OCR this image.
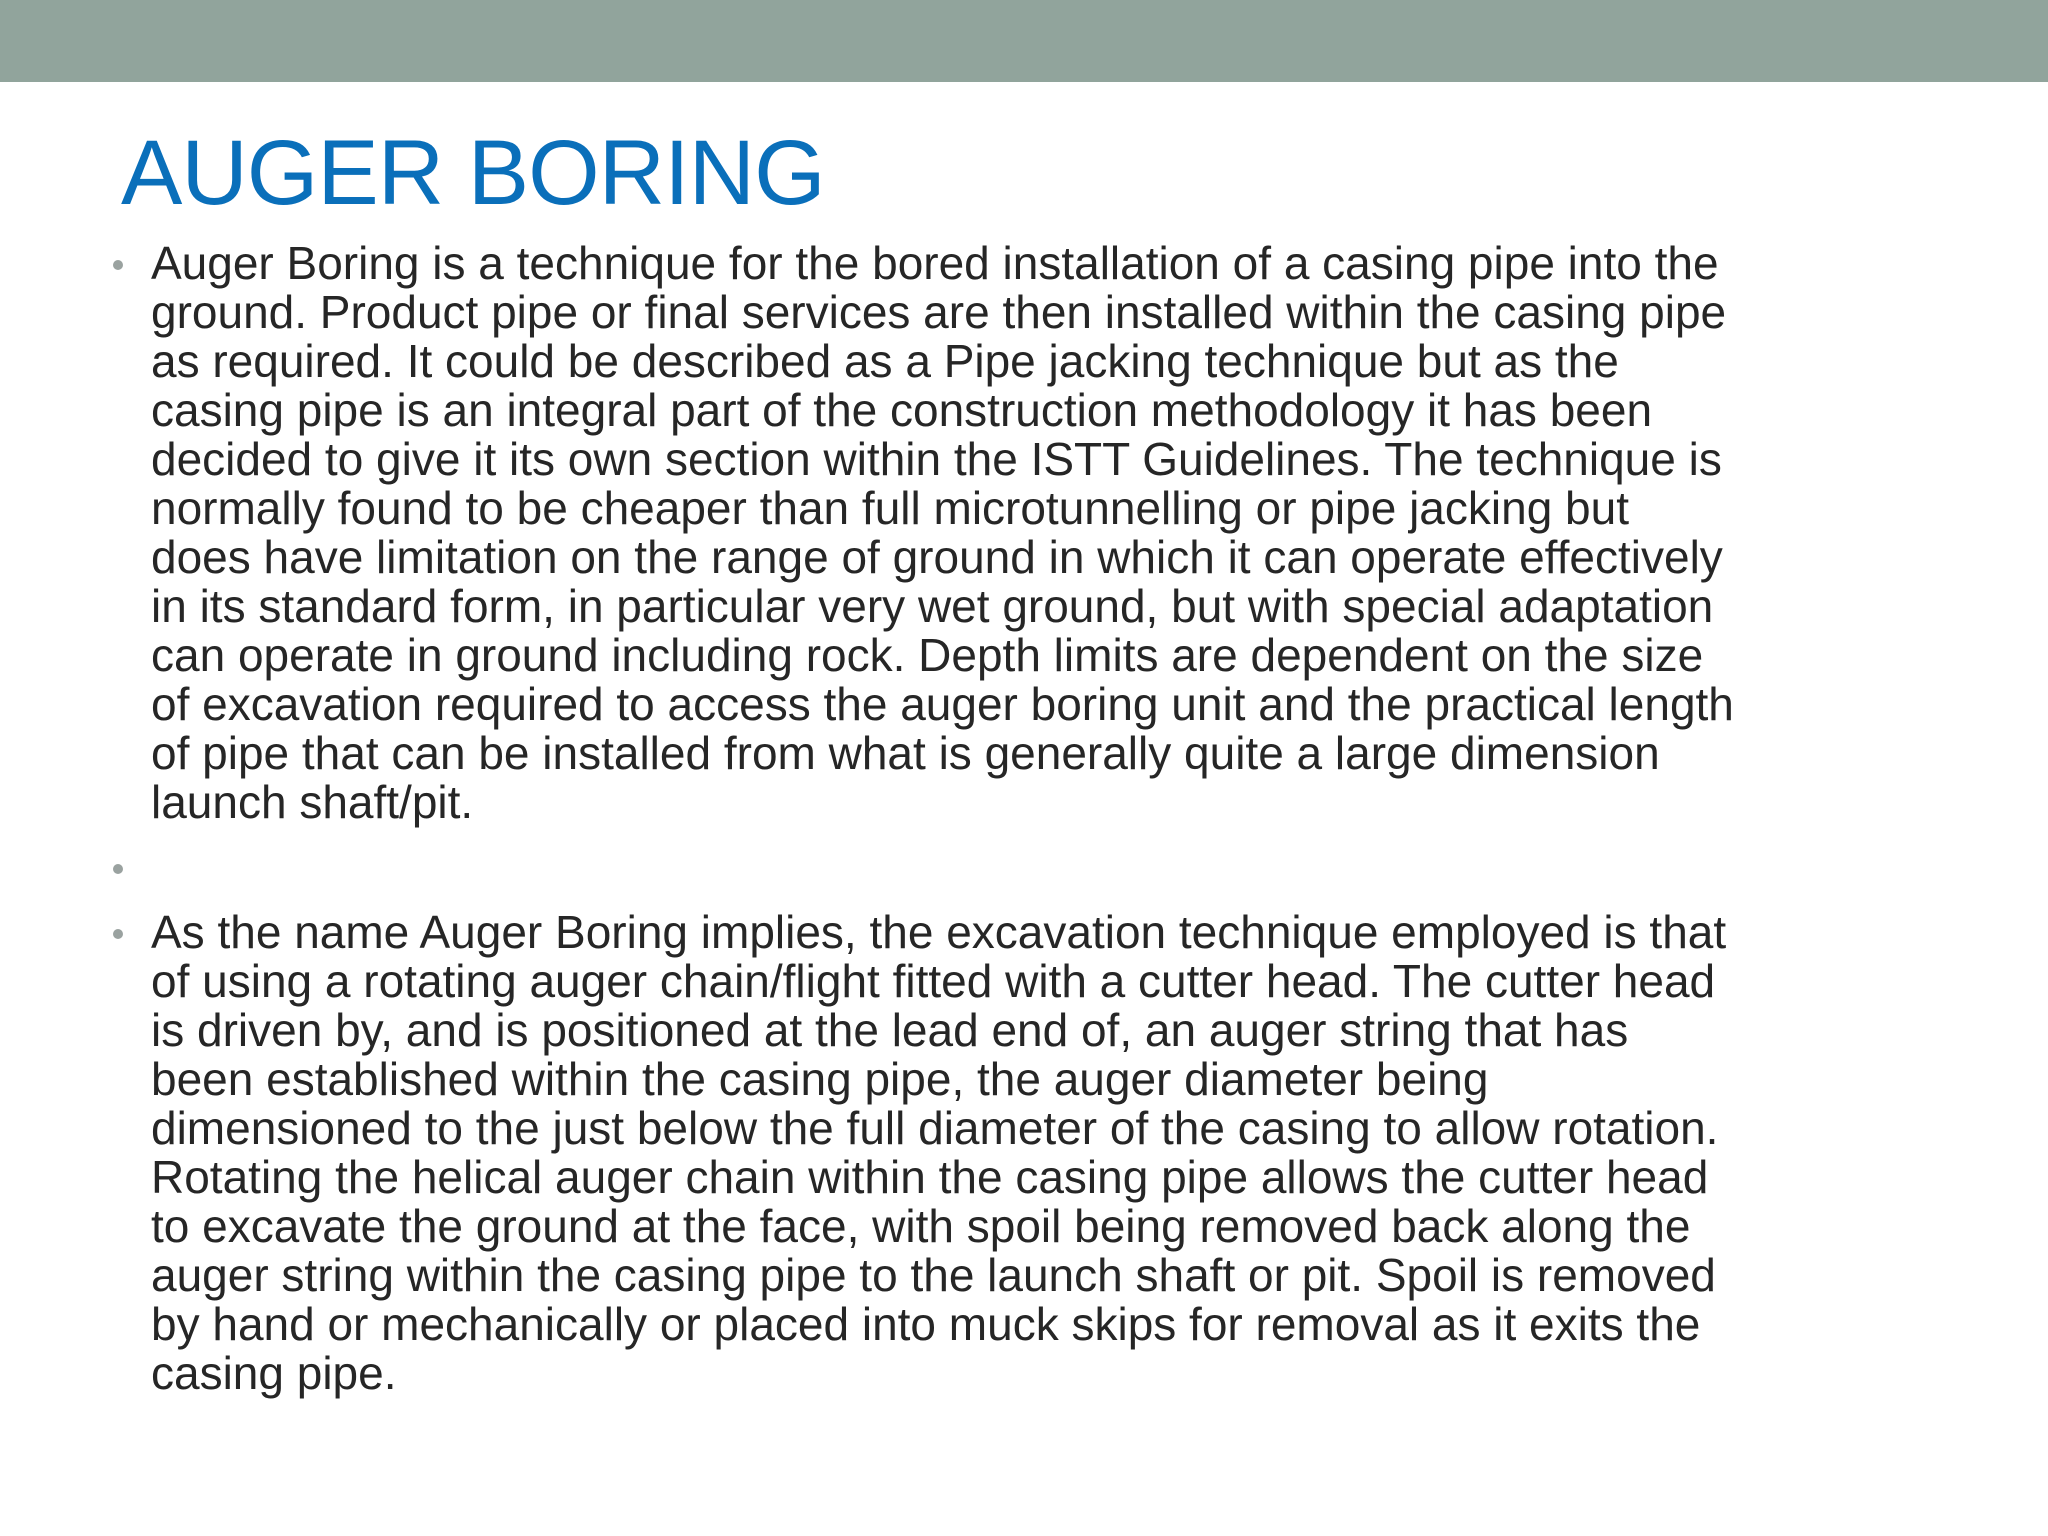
AUGER BORING
Auger Boring is a technique for the bored installation of a casing pipe into the
ground. Product pipe or final services are then installed within the casing pipe
as required. It could be described as a Pipe jacking technique but as the
casing pipe is an integral part of the construction methodology it has been
decided to give it its own section within the ISTT Guidelines. The technique is
normally found to be cheaper than full microtunnelling or pipe jacking but
does have limitation on the range of ground in which it can operate effectively
in its standard form, in particular very wet ground, but with special adaptation
can operate in ground including rock. Depth limits are dependent on the size
of excavation required to access the auger boring unit and the practical length
of pipe that can be installed from what is generally quite a large dimension
launch shaft/pit.
As the name Auger Boring implies, the excavation technique employed is that
of using a rotating auger chain/flight fitted with a cutter head. The cutter head
is driven by, and is positioned at the lead end of, an auger string that has
been established within the casing pipe, the auger diameter being
dimensioned to the just below the full diameter of the casing to allow rotation.
Rotating the helical auger chain within the casing pipe allows the cutter head
to excavate the ground at the face, with spoil being removed back along the
auger string within the casing pipe to the launch shaft or pit. Spoil is removed
by hand or mechanically or placed into muck skips for removal as it exits the
casing pipe.
